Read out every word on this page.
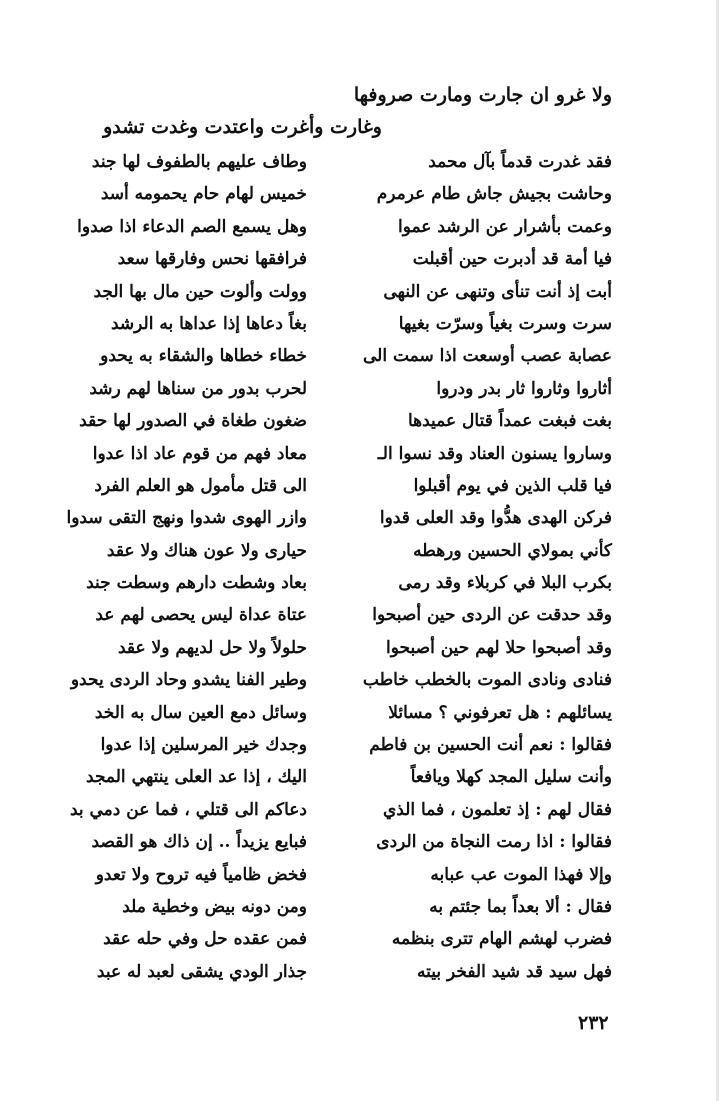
ولا غرو ان جارت ومارت صروفها
وغارت وأغرت واعتدت وغدت تشدو
فقد غدرت قدماً بآل محمد
وطاف عليهم بالطفوف لها جند
وحاشت بجيش جاش طام عرمرم
خميس لهام حام يحمومه أسد
وعمت بأشرار عن الرشد عموا
وهل يسمع الصم الدعاء اذا صدوا
فيا أمة قد أدبرت حين أقبلت
فرافقها نحس وفارقها سعد
أبت إذ أنت تنأى وتنهى عن النهى
وولت وألوت حين مال بها الجد
سرت وسرت بغياً وسرّت بغيها
بغاً دعاها إذا عداها به الرشد
عصابة عصب أوسعت اذا سمت الى
خطاء خطاها والشقاء به يحدو
أثاروا وثاروا ثار بدر ودروا
لحرب بدور من سناها لهم رشد
بغت فبغت عمداً قتال عميدها
ضغون طغاة في الصدور لها حقد
وساروا يسنون العناد وقد نسوا الـ
معاد فهم من قوم عاد اذا عدوا
فيا قلب الذين في يوم أقبلوا
الى قتل مأمول هو العلم الفرد
فركن الهدى هدُّوا وقد العلى قدوا
وازر الهوى شدوا ونهج التقى سدوا
كأني بمولاي الحسين ورهطه
حيارى ولا عون هناك ولا عقد
بكرب البلا في كربلاء وقد رمى
بعاد وشطت دارهم وسطت جند
وقد حدقت عن الردى حين أصبحوا
عتاة عداة ليس يحصى لهم عد
وقد أصبحوا حلا لهم حين أصبحوا
حلولاً ولا حل لديهم ولا عقد
فنادى ونادى الموت بالخطب خاطب
وطير الفنا يشدو وحاد الردى يحدو
يسائلهم : هل تعرفوني ؟ مسائلا
وسائل دمع العين سال به الخد
فقالوا : نعم أنت الحسين بن فاطم
وجدك خير المرسلين إذا عدوا
وأنت سليل المجد كهلا ويافعاً
اليك ، إذا عد العلى ينتهي المجد
فقال لهم : إذ تعلمون ، فما الذي
دعاكم الى قتلي ، فما عن دمي بد
فقالوا : اذا رمت النجاة من الردى
فبايع يزيداً .. إن ذاك هو القصد
وإلا فهذا الموت عب عبابه
فخض ظامياً فيه تروح ولا تعدو
فقال : ألا بعداً بما جئتم به
ومن دونه بيض وخطية ملد
فضرب لهشم الهام تترى بنظمه
فمن عقده حل وفي حله عقد
فهل سيد قد شيد الفخر بيته
جذار الودي يشقى لعبد له عبد
٢٣٢
